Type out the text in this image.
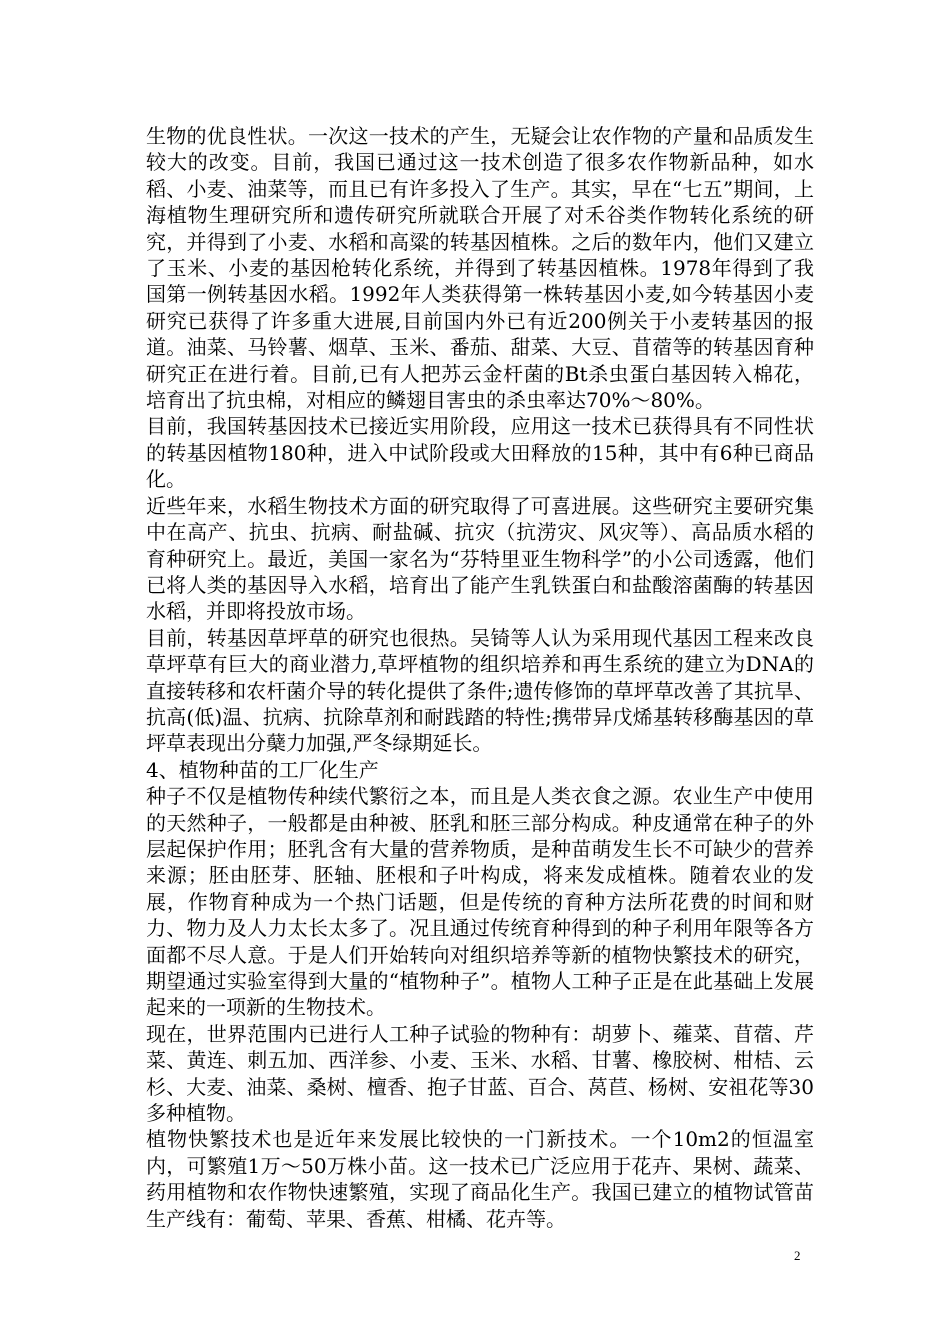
生物的优良性状。一次这一技术的产生，无疑会让农作物的产量和品质发生较大的改变。目前，我国已通过这一技术创造了很多农作物新品种，如水稻、小麦、油菜等，而且已有许多投入了生产。其实，早在“七五”期间，上海植物生理研究所和遗传研究所就联合开展了对禾谷类作物转化系统的研究，并得到了小麦、水稻和高粱的转基因植株。之后的数年内，他们又建立了玉米、小麦的基因枪转化系统，并得到了转基因植株。1978年得到了我国第一例转基因水稻。1992年人类获得第一株转基因小麦,如今转基因小麦研究已获得了许多重大进展,目前国内外已有近200例关于小麦转基因的报道。油菜、马铃薯、烟草、玉米、番茄、甜菜、大豆、苜蓿等的转基因育种研究正在进行着。目前,已有人把苏云金杆菌的Bt杀虫蛋白基因转入棉花，培育出了抗虫棉，对相应的鳞翅目害虫的杀虫率达70%～80%。

目前，我国转基因技术已接近实用阶段，应用这一技术已获得具有不同性状的转基因植物180种，进入中试阶段或大田释放的15种，其中有6种已商品化。

近些年来，水稻生物技术方面的研究取得了可喜进展。这些研究主要研究集中在高产、抗虫、抗病、耐盐碱、抗灾（抗涝灾、风灾等）、高品质水稻的育种研究上。最近，美国一家名为“芬特里亚生物科学”的小公司透露，他们已将人类的基因导入水稻，培育出了能产生乳铁蛋白和盐酸溶菌酶的转基因水稻，并即将投放市场。

目前，转基因草坪草的研究也很热。吴锜等人认为采用现代基因工程来改良草坪草有巨大的商业潜力,草坪植物的组织培养和再生系统的建立为DNA的直接转移和农杆菌介导的转化提供了条件;遗传修饰的草坪草改善了其抗旱、抗高(低)温、抗病、抗除草剂和耐践踏的特性;携带异戊烯基转移酶基因的草坪草表现出分蘖力加强,严冬绿期延长。

4、植物种苗的工厂化生产

种子不仅是植物传种续代繁衍之本，而且是人类衣食之源。农业生产中使用的天然种子，一般都是由种被、胚乳和胚三部分构成。种皮通常在种子的外层起保护作用；胚乳含有大量的营养物质，是种苗萌发生长不可缺少的营养来源；胚由胚芽、胚轴、胚根和子叶构成，将来发成植株。随着农业的发展，作物育种成为一个热门话题，但是传统的育种方法所花费的时间和财力、物力及人力太长太多了。况且通过传统育种得到的种子利用年限等各方面都不尽人意。于是人们开始转向对组织培养等新的植物快繁技术的研究，期望通过实验室得到大量的“植物种子”。植物人工种子正是在此基础上发展起来的一项新的生物技术。

现在，世界范围内已进行人工种子试验的物种有：胡萝卜、蕹菜、苜蓿、芹菜、黄连、刺五加、西洋参、小麦、玉米、水稻、甘薯、橡胶树、柑桔、云杉、大麦、油菜、桑树、檀香、抱子甘蓝、百合、莴苣、杨树、安祖花等30多种植物。

植物快繁技术也是近年来发展比较快的一门新技术。一个10m2的恒温室内，可繁殖1万～50万株小苗。这一技术已广泛应用于花卉、果树、蔬菜、药用植物和农作物快速繁殖，实现了商品化生产。我国已建立的植物试管苗生产线有：葡萄、苹果、香蕉、柑橘、花卉等。

2
